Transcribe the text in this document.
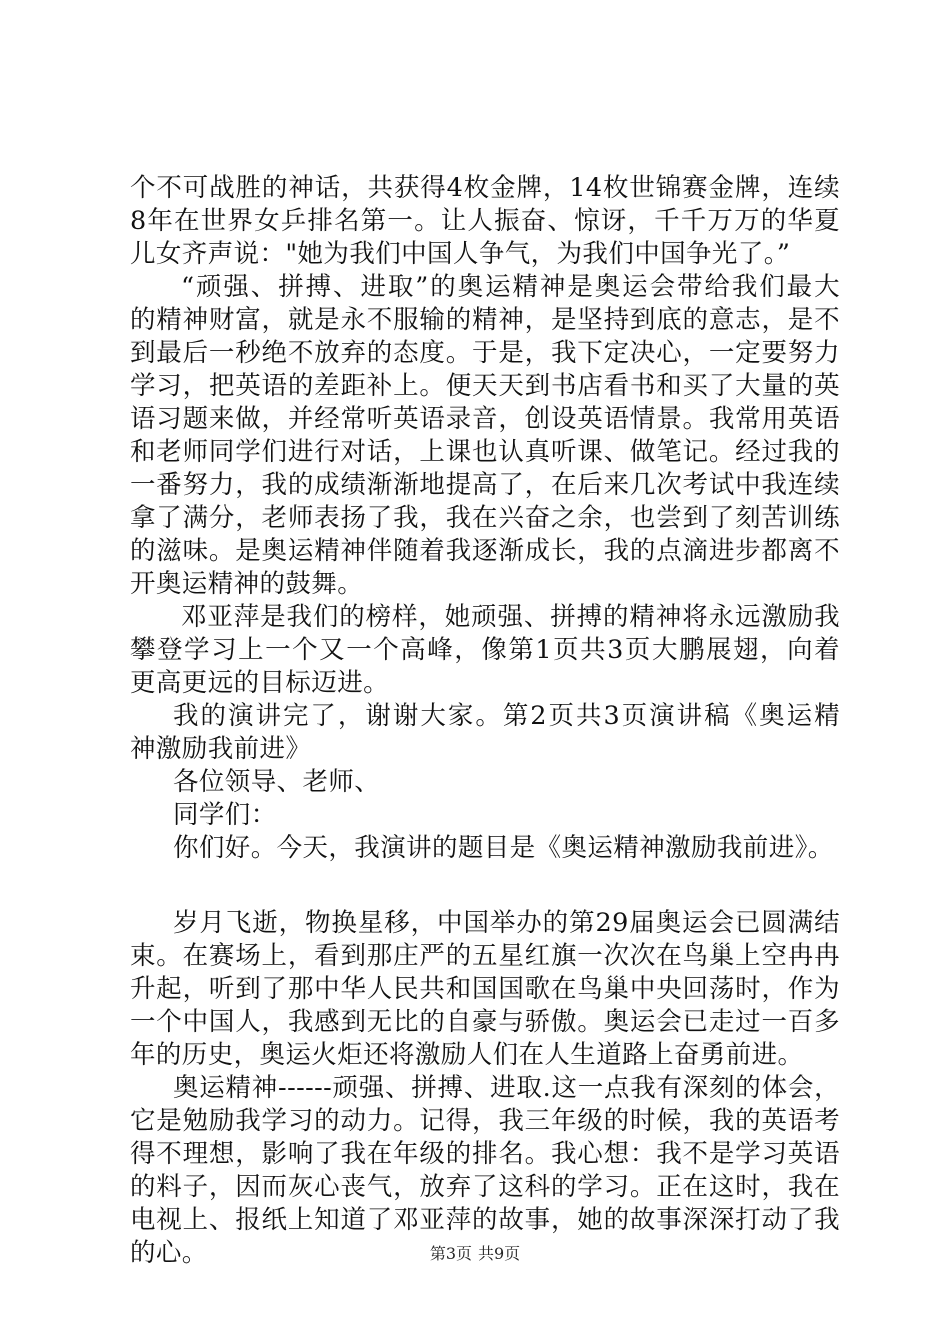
个不可战胜的神话，共获得4枚金牌，14枚世锦赛金牌，连续
8年在世界女乒排名第一。让人振奋、惊讶，千千万万的华夏
儿女齐声说："她为我们中国人争气，为我们中国争光了。”
“顽强、拼搏、进取”的奥运精神是奥运会带给我们最大
的精神财富，就是永不服输的精神，是坚持到底的意志，是不
到最后一秒绝不放弃的态度。于是，我下定决心，一定要努力
学习，把英语的差距补上。便天天到书店看书和买了大量的英
语习题来做，并经常听英语录音，创设英语情景。我常用英语
和老师同学们进行对话，上课也认真听课、做笔记。经过我的
一番努力，我的成绩渐渐地提高了，在后来几次考试中我连续
拿了满分，老师表扬了我，我在兴奋之余，也尝到了刻苦训练
的滋味。是奥运精神伴随着我逐渐成长，我的点滴进步都离不
开奥运精神的鼓舞。
邓亚萍是我们的榜样，她顽强、拼搏的精神将永远激励我
攀登学习上一个又一个高峰，像第1页共3页大鹏展翅，向着
更高更远的目标迈进。
我的演讲完了，谢谢大家。第2页共3页演讲稿《奥运精
神激励我前进》
各位领导、老师、
同学们：
你们好。今天，我演讲的题目是《奥运精神激励我前进》。
岁月飞逝，物换星移，中国举办的第29届奥运会已圆满结
束。在赛场上，看到那庄严的五星红旗一次次在鸟巢上空冉冉
升起，听到了那中华人民共和国国歌在鸟巢中央回荡时，作为
一个中国人，我感到无比的自豪与骄傲。奥运会已走过一百多
年的历史，奥运火炬还将激励人们在人生道路上奋勇前进。
奥运精神------顽强、拼搏、进取.这一点我有深刻的体会，
它是勉励我学习的动力。记得，我三年级的时候，我的英语考
得不理想，影响了我在年级的排名。我心想：我不是学习英语
的料子，因而灰心丧气，放弃了这科的学习。正在这时，我在
电视上、报纸上知道了邓亚萍的故事，她的故事深深打动了我
的心。	第3页 共9页
